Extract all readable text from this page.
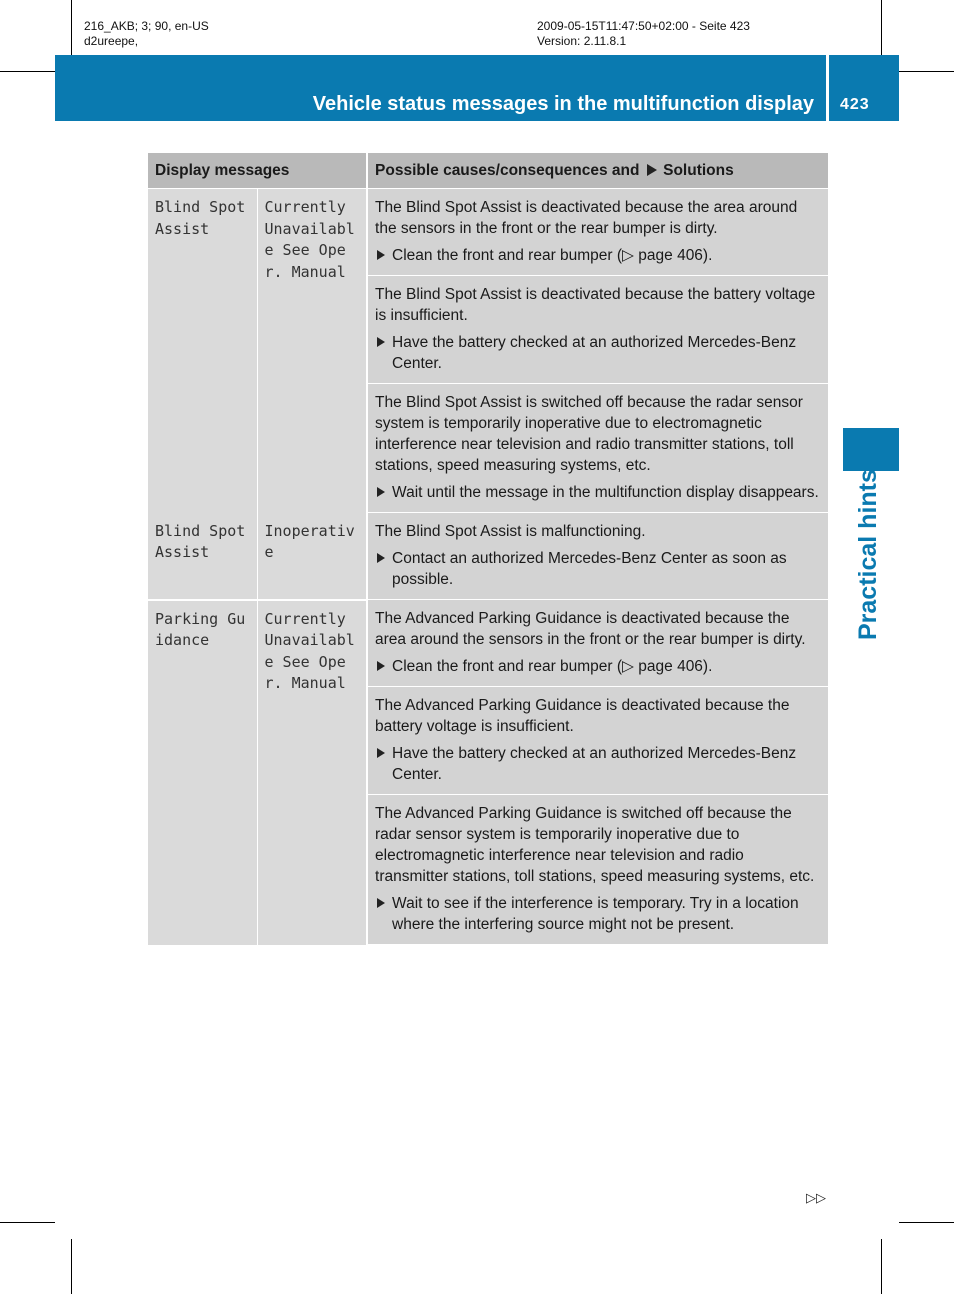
216_AKB; 3; 90, en-US
d2ureepe,
2009-05-15T11:47:50+02:00 - Seite 423
Version: 2.11.8.1
Vehicle status messages in the multifunction display 423
Practical hints
Display messages		Possible causes/consequences and Solutions
Blind Spot Assist	Currently Unavailable See Oper. Manual	The Blind Spot Assist is deactivated because the area around the sensors in the front or the rear bumper is dirty.

Clean the front and rear bumper (▷ page 406).

		The Blind Spot Assist is deactivated because the battery voltage is insufficient.

Have the battery checked at an authorized Mercedes-Benz Center.

		The Blind Spot Assist is switched off because the radar sensor system is temporarily inoperative due to electromagnetic interference near television and radio transmitter stations, toll stations, speed measuring systems, etc.

Wait until the message in the multifunction display disappears.

Blind Spot Assist	Inoperative	The Blind Spot Assist is malfunctioning.

Contact an authorized Mercedes-Benz Center as soon as possible.

Parking Guidance	Currently Unavailable See Oper. Manual	The Advanced Parking Guidance is deactivated because the area around the sensors in the front or the rear bumper is dirty.

Clean the front and rear bumper (▷ page 406).

		The Advanced Parking Guidance is deactivated because the battery voltage is insufficient.

Have the battery checked at an authorized Mercedes-Benz Center.

		The Advanced Parking Guidance is switched off because the radar sensor system is temporarily inoperative due to electromagnetic interference near television and radio transmitter stations, toll stations, speed measuring systems, etc.

Wait to see if the interference is temporary. Try in a location where the interfering source might not be present.
▷▷
